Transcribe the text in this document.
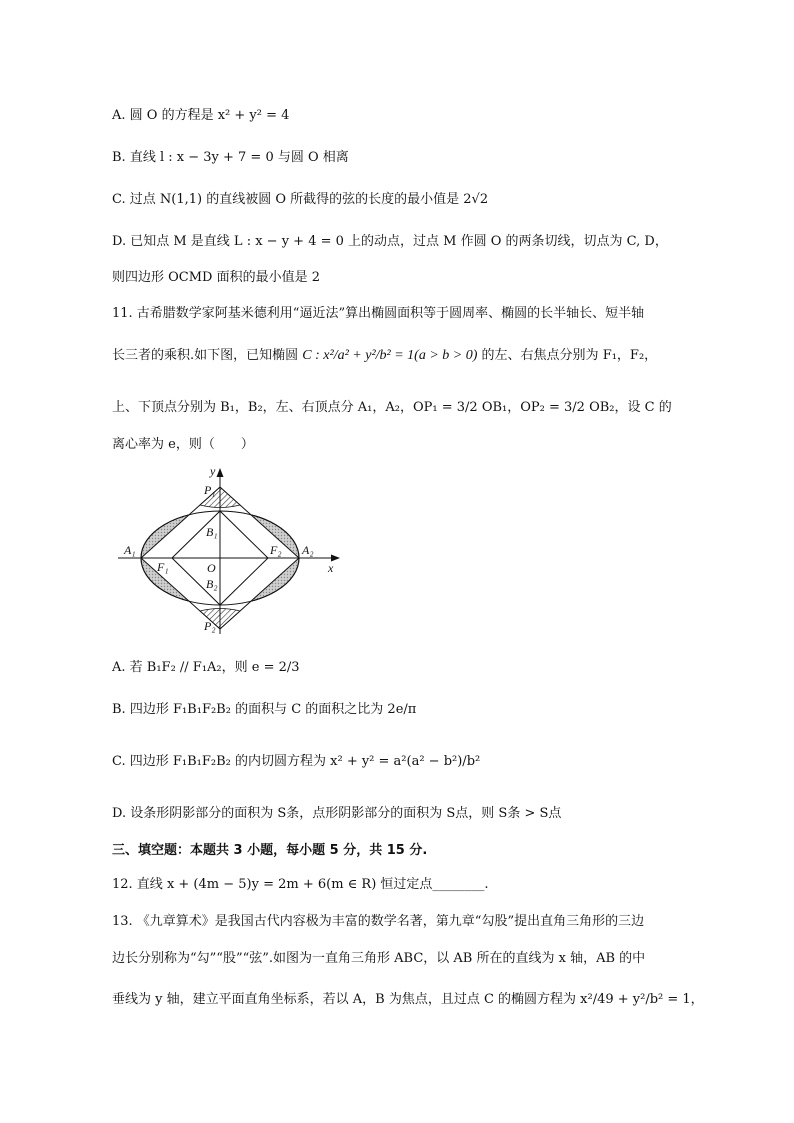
A. 圆 O 的方程是 x² + y² = 4
B. 直线 l : x − 3y + 7 = 0 与圆 O 相离
C. 过点 N(1,1) 的直线被圆 O 所截得的弦的长度的最小值是 2√2
D. 已知点 M 是直线 L : x − y + 4 = 0 上的动点，过点 M 作圆 O 的两条切线，切点为 C, D，
则四边形 OCMD 面积的最小值是 2
11. 古希腊数学家阿基米德利用“逼近法”算出椭圆面积等于圆周率、椭圆的长半轴长、短半轴
长三者的乘积.如下图，已知椭圆 C : x²/a² + y²/b² = 1(a > b > 0) 的左、右焦点分别为 F₁，F₂，
上、下顶点分别为 B₁，B₂，左、右顶点分 A₁，A₂，OP₁ = 3/2 OB₁，OP₂ = 3/2 OB₂，设 C 的
离心率为 e，则（　　）
y
x
P₁
P₂
B₁
B₂
O
A₁	A₂
F₁
F₂
A. 若 B₁F₂ // F₁A₂，则 e = 2/3
B. 四边形 F₁B₁F₂B₂ 的面积与 C 的面积之比为 2e/π
C. 四边形 F₁B₁F₂B₂ 的内切圆方程为 x² + y² = a²(a² − b²)/b²
D. 设条形阴影部分的面积为 S条，点形阴影部分的面积为 S点，则 S条 > S点
三、填空题：本题共 3 小题，每小题 5 分，共 15 分.
12. 直线 x + (4m − 5)y = 2m + 6(m ∈ R) 恒过定点________.
13. 《九章算术》是我国古代内容极为丰富的数学名著，第九章“勾股”提出直角三角形的三边
边长分别称为“勾”“股”“弦”.如图为一直角三角形 ABC，以 AB 所在的直线为 x 轴，AB 的中
垂线为 y 轴，建立平面直角坐标系，若以 A，B 为焦点，且过点 C 的椭圆方程为 x²/49 + y²/b² = 1，
